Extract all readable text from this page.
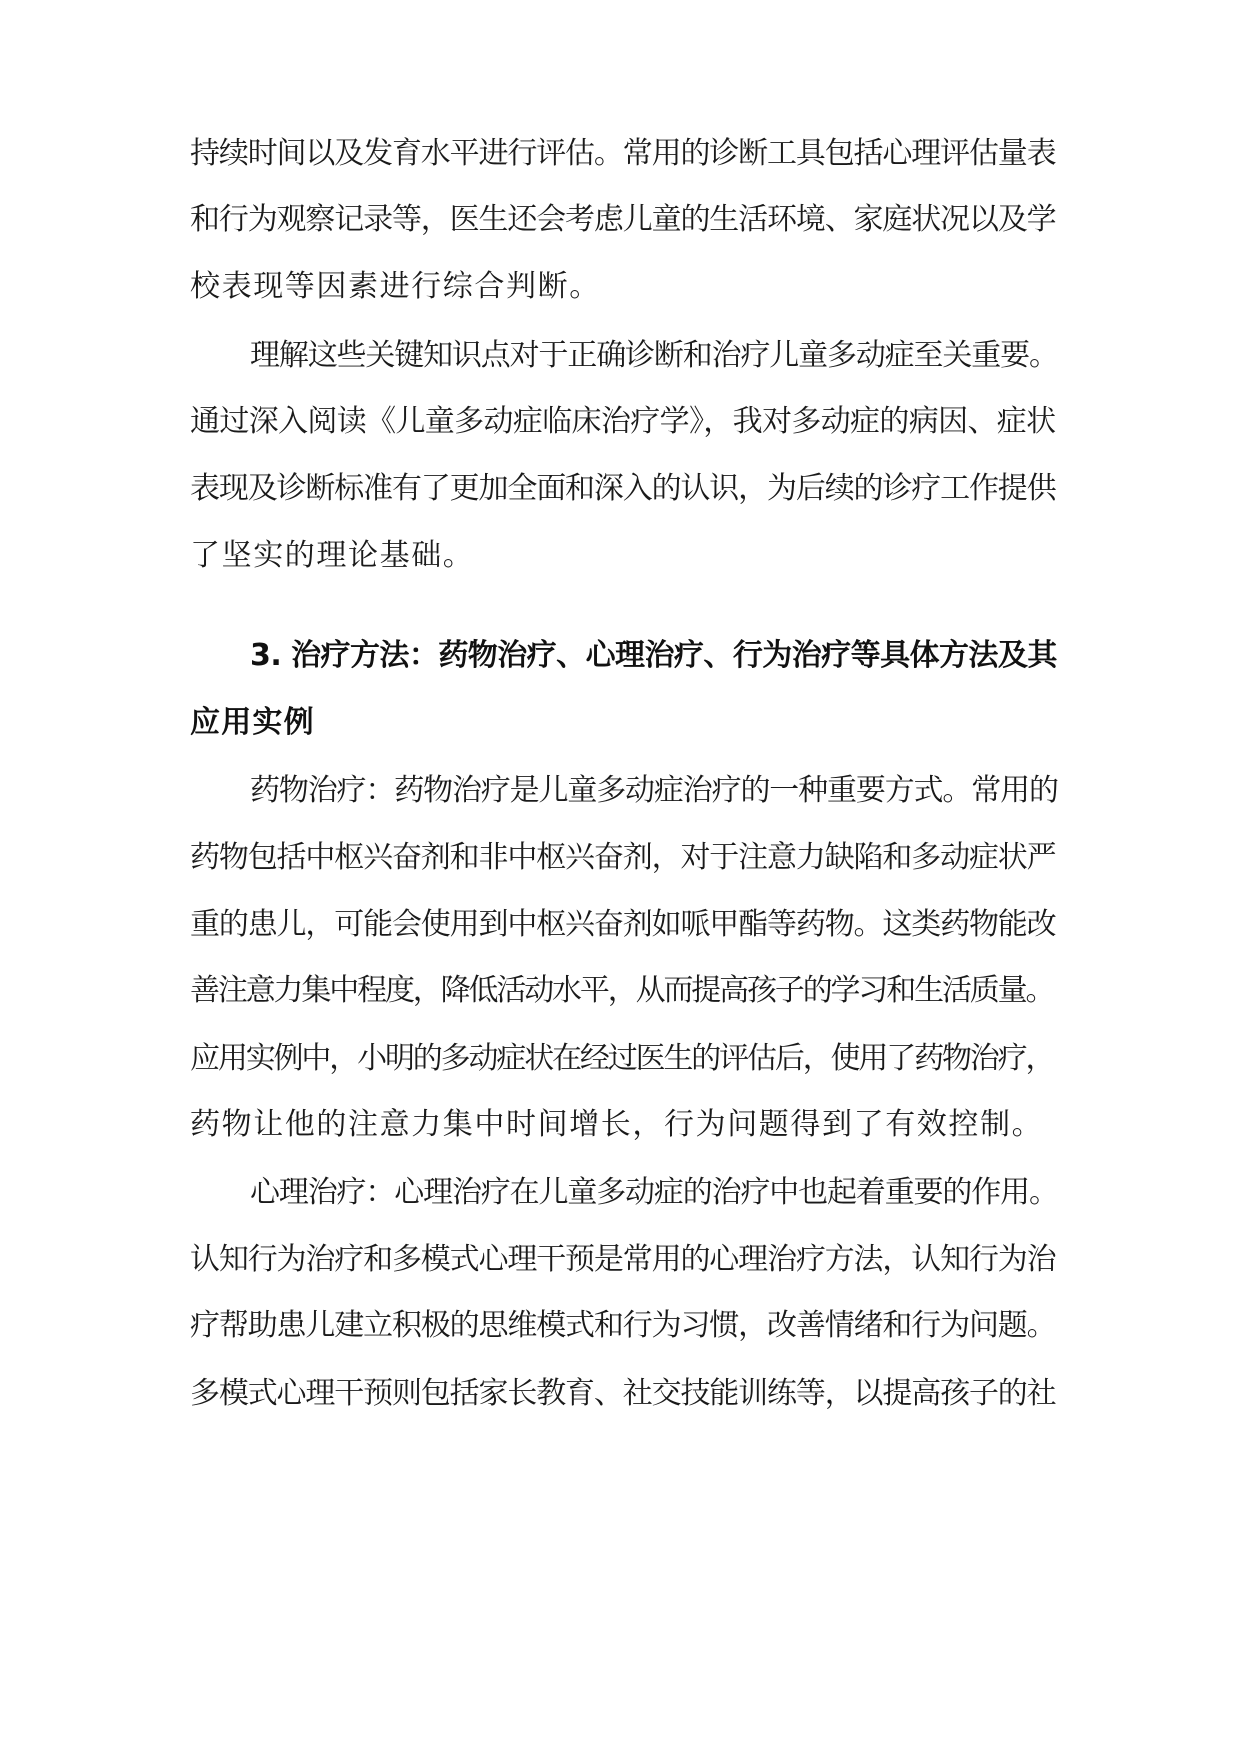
持续时间以及发育水平进行评估。常用的诊断工具包括心理评估量表

和行为观察记录等，医生还会考虑儿童的生活环境、家庭状况以及学

校表现等因素进行综合判断。

理解这些关键知识点对于正确诊断和治疗儿童多动症至关重要。

通过深入阅读《儿童多动症临床治疗学》，我对多动症的病因、症状

表现及诊断标准有了更加全面和深入的认识，为后续的诊疗工作提供

了坚实的理论基础。

3. 治疗方法：药物治疗、心理治疗、行为治疗等具体方法及其

应用实例

药物治疗：药物治疗是儿童多动症治疗的一种重要方式。常用的

药物包括中枢兴奋剂和非中枢兴奋剂，对于注意力缺陷和多动症状严

重的患儿，可能会使用到中枢兴奋剂如哌甲酯等药物。这类药物能改

善注意力集中程度，降低活动水平，从而提高孩子的学习和生活质量。

应用实例中，小明的多动症状在经过医生的评估后，使用了药物治疗，

药物让他的注意力集中时间增长，行为问题得到了有效控制。

心理治疗：心理治疗在儿童多动症的治疗中也起着重要的作用。

认知行为治疗和多模式心理干预是常用的心理治疗方法，认知行为治

疗帮助患儿建立积极的思维模式和行为习惯，改善情绪和行为问题。

多模式心理干预则包括家长教育、社交技能训练等，以提高孩子的社
